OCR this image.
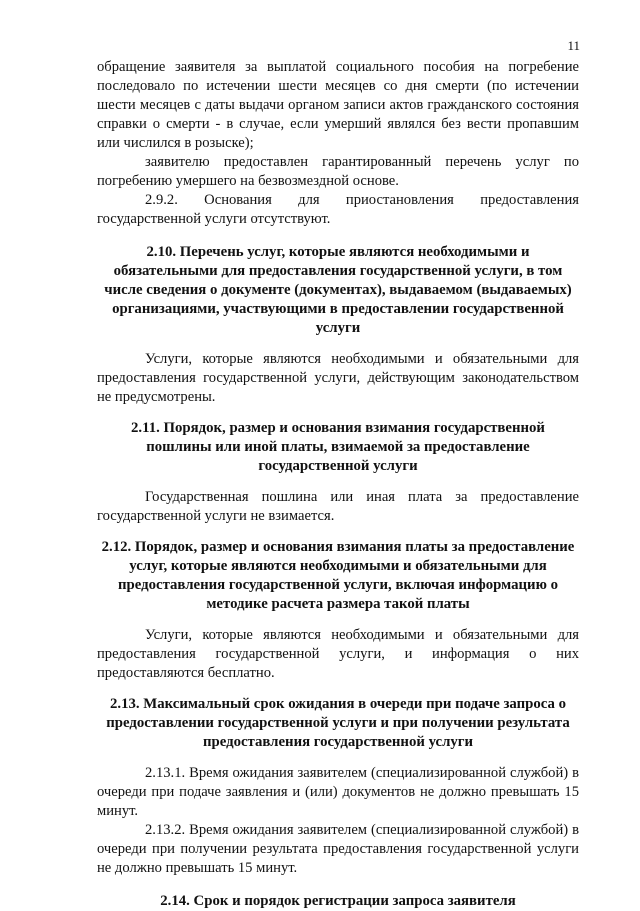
11

обращение заявителя за выплатой социального пособия на погребение последовало по истечении шести месяцев со дня смерти (по истечении шести месяцев с даты выдачи органом записи актов гражданского состояния справки о смерти - в случае, если умерший являлся без вести пропавшим или числился в розыске);

заявителю предоставлен гарантированный перечень услуг по погребению умершего на безвозмездной основе.

2.9.2. Основания для приостановления предоставления государственной услуги отсутствуют.

2.10. Перечень услуг, которые являются необходимыми и обязательными для предоставления государственной услуги, в том числе сведения о документе (документах), выдаваемом (выдаваемых) организациями, участвующими в предоставлении государственной услуги

Услуги, которые являются необходимыми и обязательными для предоставления государственной услуги, действующим законодательством не предусмотрены.

2.11. Порядок, размер и основания взимания государственной пошлины или иной платы, взимаемой за предоставление государственной услуги

Государственная пошлина или иная плата за предоставление государственной услуги не взимается.

2.12. Порядок, размер и основания взимания платы за предоставление услуг, которые являются необходимыми и обязательными для предоставления государственной услуги, включая информацию о методике расчета размера такой платы

Услуги, которые являются необходимыми и обязательными для предоставления государственной услуги, и информация о них предоставляются бесплатно.

2.13. Максимальный срок ожидания в очереди при подаче запроса о предоставлении государственной услуги и при получении результата предоставления государственной услуги

2.13.1. Время ожидания заявителем (специализированной службой) в очереди при подаче заявления и (или) документов не должно превышать 15 минут.

2.13.2. Время ожидания заявителем (специализированной службой) в очереди при получении результата предоставления государственной услуги не должно превышать 15 минут.

2.14. Срок и порядок регистрации запроса заявителя
